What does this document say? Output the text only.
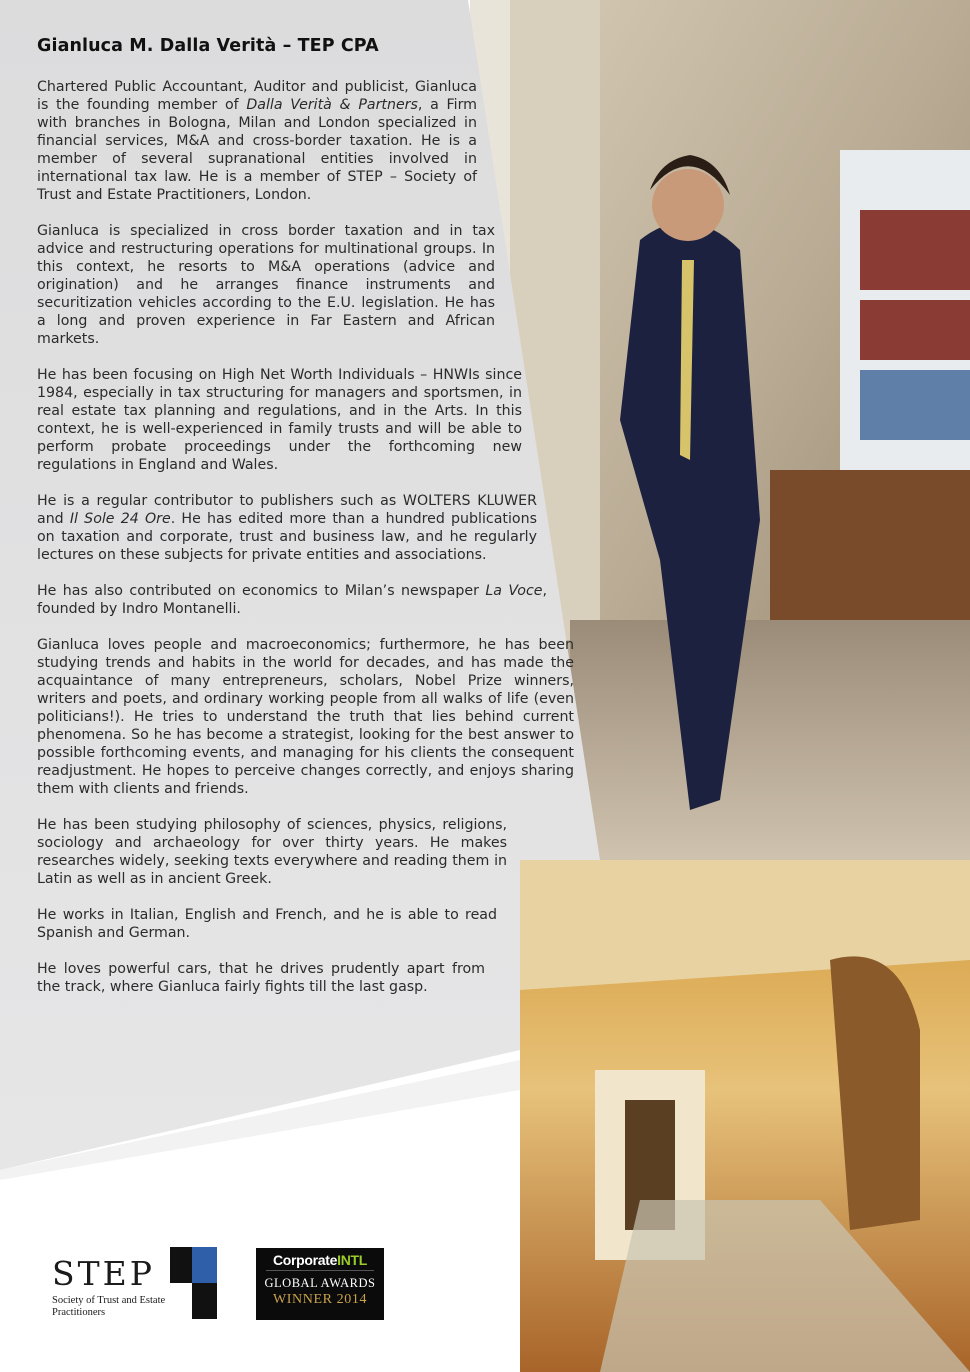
Gianluca M. Dalla Verità – TEP CPA

Chartered Public Accountant, Auditor and publicist, Gianluca is the founding member of Dalla Verità & Partners, a Firm with branches in Bologna, Milan and London specialized in financial services, M&A and cross-border taxation. He is a member of several supranational entities involved in international tax law. He is a member of STEP – Society of Trust and Estate Practitioners, London.

Gianluca is specialized in cross border taxation and in tax advice and restructuring operations for multinational groups. In this context, he resorts to M&A operations (advice and origination) and he arranges finance instruments and securitization vehicles according to the E.U. legislation. He has a long and proven experience in Far Eastern and African markets.

He has been focusing on High Net Worth Individuals – HNWIs since 1984, especially in tax structuring for managers and sportsmen, in real estate tax planning and regulations, and in the Arts. In this context, he is well-experienced in family trusts and will be able to perform probate proceedings under the forthcoming new regulations in England and Wales.

He is a regular contributor to publishers such as WOLTERS KLUWER and Il Sole 24 Ore. He has edited more than a hundred publications on taxation and corporate, trust and business law, and he regularly lectures on these subjects for private entities and associations.

He has also contributed on economics to Milan’s newspaper La Voce, founded by Indro Montanelli.

Gianluca loves people and macroeconomics; furthermore, he has been studying trends and habits in the world for decades, and has made the acquaintance of many entrepreneurs, scholars, Nobel Prize winners, writers and poets, and ordinary working people from all walks of life (even politicians!). He tries to understand the truth that lies behind current phenomena. So he has become a strategist, looking for the best answer to possible forthcoming events, and managing for his clients the consequent readjustment. He hopes to perceive changes correctly, and enjoys sharing them with clients and friends.

He has been studying philosophy of sciences, physics, religions, sociology and archaeology for over thirty years. He makes researches widely, seeking texts everywhere and reading them in Latin as well as in ancient Greek.

He works in Italian, English and French, and he is able to read Spanish and German.

He loves powerful cars, that he drives prudently apart from the track, where Gianluca fairly fights till the last gasp.

STEP
Society of Trust and Estate Practitioners
CorporateINTL
GLOBAL AWARDS
WINNER 2014
